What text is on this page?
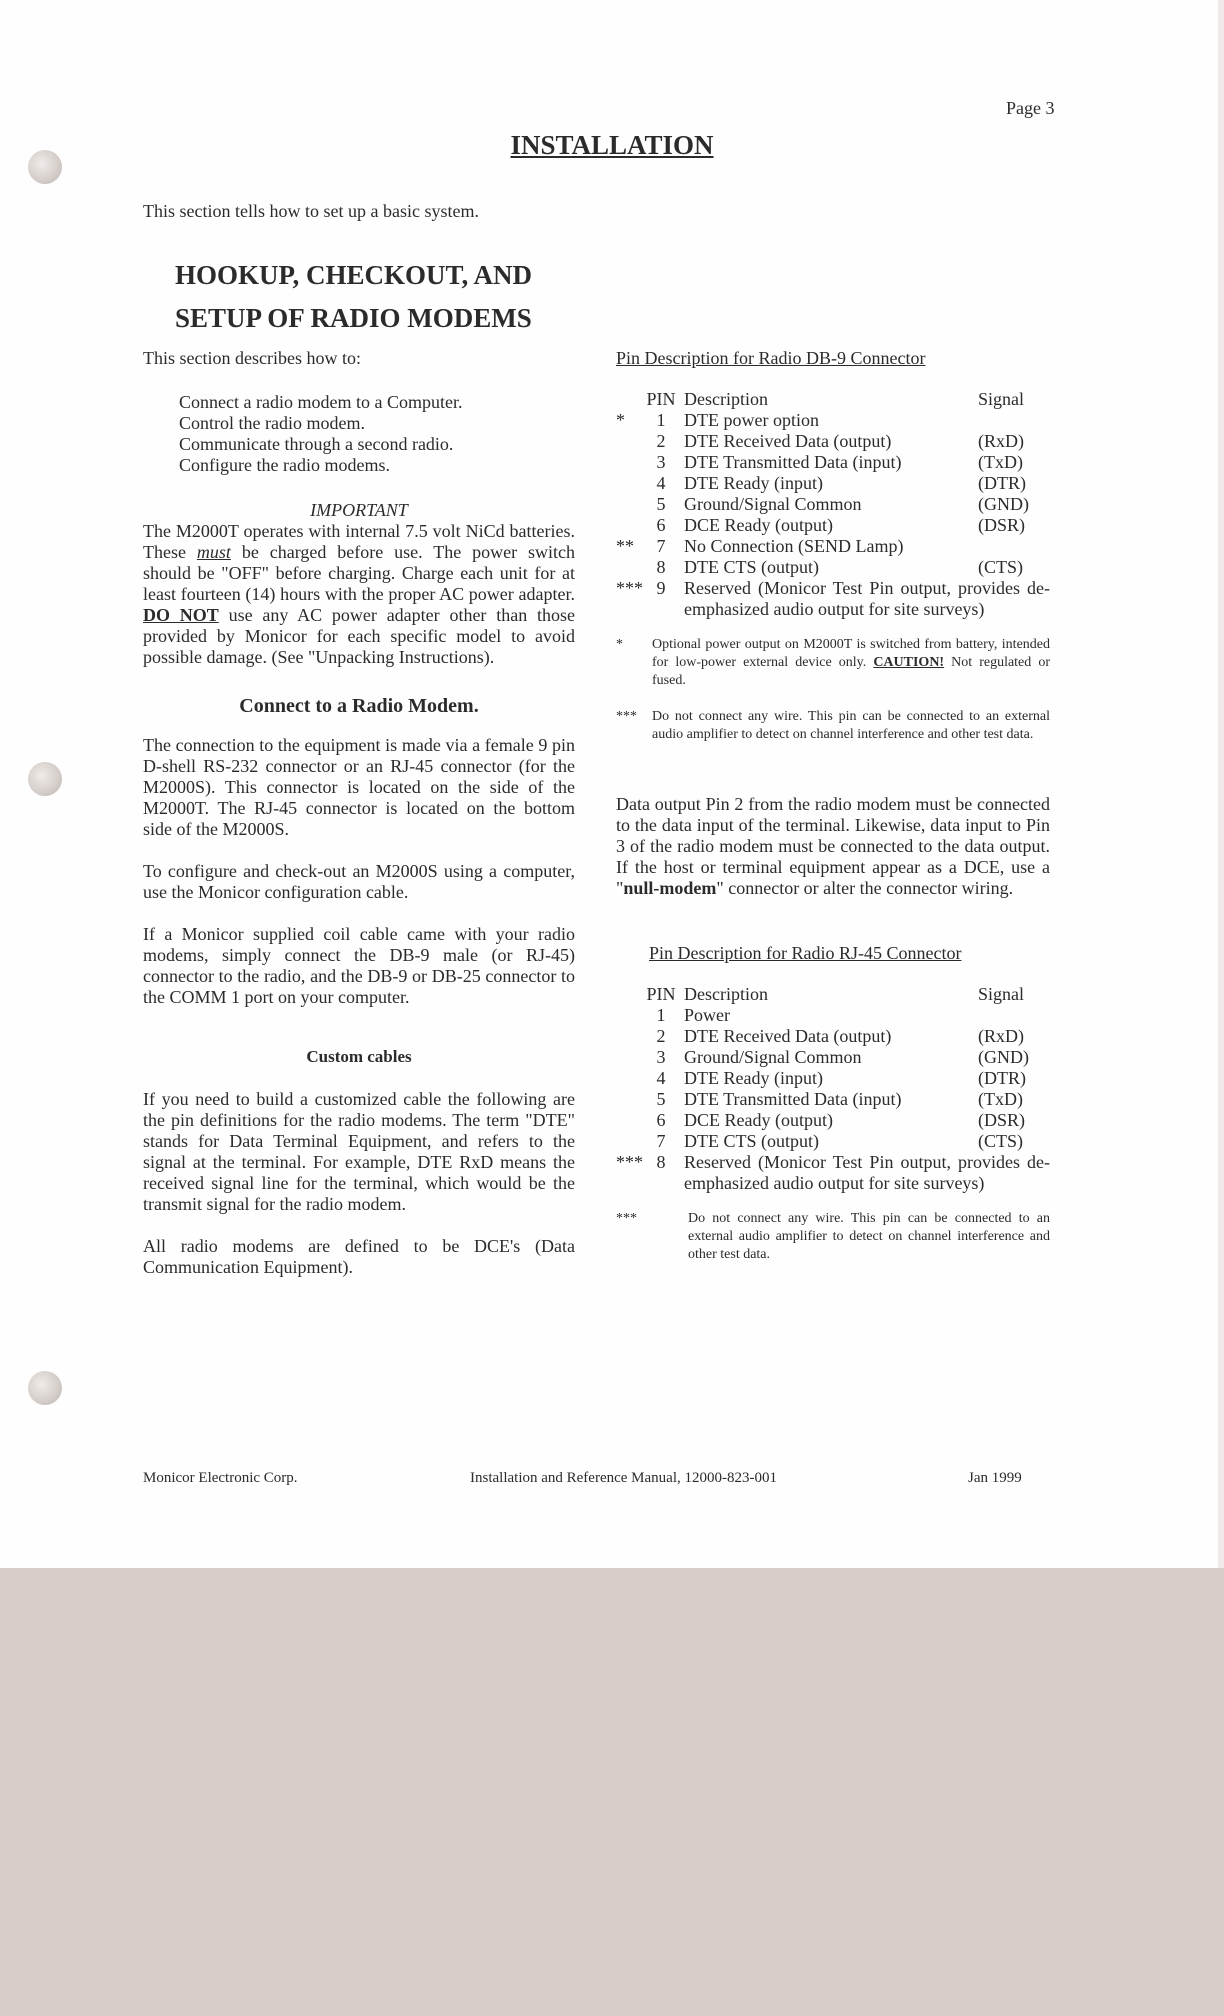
Page 3
INSTALLATION
This section tells how to set up a basic system.
HOOKUP, CHECKOUT, AND
SETUP OF RADIO MODEMS

This section describes how to:

Connect a radio modem to a Computer.
Control the radio modem.
Communicate through a second radio.
Configure the radio modems.

IMPORTANT

The M2000T operates with internal 7.5 volt NiCd batteries. These must be charged before use. The power switch should be "OFF" before charging. Charge each unit for at least fourteen (14) hours with the proper AC power adapter. DO NOT use any AC power adapter other than those provided by Monicor for each specific model to avoid possible damage. (See "Unpacking Instructions).

Connect to a Radio Modem.

The connection to the equipment is made via a female 9 pin D-shell RS-232 connector or an RJ-45 connector (for the M2000S). This connector is located on the side of the M2000T. The RJ-45 connector is located on the bottom side of the M2000S.

To configure and check-out an M2000S using a computer, use the Monicor configuration cable.

If a Monicor supplied coil cable came with your radio modems, simply connect the DB-9 male (or RJ-45) connector to the radio, and the DB-9 or DB-25 connector to the COMM 1 port on your computer.

Custom cables

If you need to build a customized cable the following are the pin definitions for the radio modems. The term "DTE" stands for Data Terminal Equipment, and refers to the signal at the terminal. For example, DTE RxD means the received signal line for the terminal, which would be the transmit signal for the radio modem.

All radio modems are defined to be DCE's (Data Communication Equipment).

Pin Description for Radio DB-9 Connector
	PIN	Description	Signal
*	1	DTE power option	
	2	DTE Received Data (output)	(RxD)
	3	DTE Transmitted Data (input)	(TxD)
	4	DTE Ready (input)	(DTR)
	5	Ground/Signal Common	(GND)
	6	DCE Ready (output)	(DSR)
**	7	No Connection (SEND Lamp)	
	8	DTE CTS (output)	(CTS)
***	9	Reserved (Monicor Test Pin output, provides de-emphasized audio output for site surveys)	
*	Optional power output on M2000T is switched from battery, intended for low-power external device only. CAUTION! Not regulated or fused.
***	Do not connect any wire. This pin can be connected to an external audio amplifier to detect on channel interference and other test data.

Data output Pin 2 from the radio modem must be connected to the data input of the terminal. Likewise, data input to Pin 3 of the radio modem must be connected to the data output. If the host or terminal equipment appear as a DCE, use a "null-modem" connector or alter the connector wiring.

Pin Description for Radio RJ-45 Connector
	PIN	Description	Signal
	1	Power	
	2	DTE Received Data (output)	(RxD)
	3	Ground/Signal Common	(GND)
	4	DTE Ready (input)	(DTR)
	5	DTE Transmitted Data (input)	(TxD)
	6	DCE Ready (output)	(DSR)
	7	DTE CTS (output)	(CTS)
***	8	Reserved (Monicor Test Pin output, provides de-emphasized audio output for site surveys)	
***	Do not connect any wire. This pin can be connected to an external audio amplifier to detect on channel interference and other test data.
Monicor Electronic Corp.	Installation and Reference Manual, 12000-823-001	Jan 1999
